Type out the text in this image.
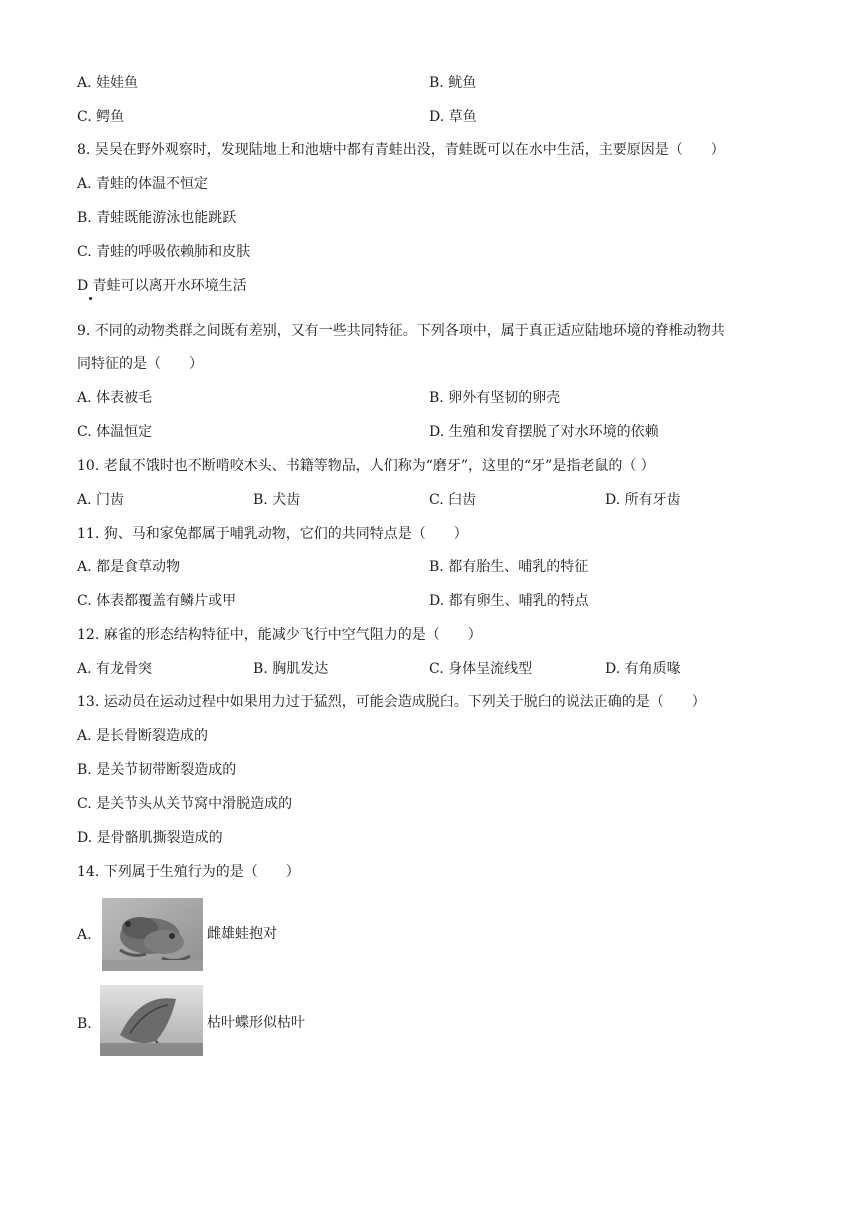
A. 娃娃鱼	B. 鱿鱼
C. 鳄鱼	D. 草鱼
8. 吴吴在野外观察时，发现陆地上和池塘中都有青蛙出没，青蛙既可以在水中生活，主要原因是（　　）
A. 青蛙的体温不恒定
B. 青蛙既能游泳也能跳跃
C. 青蛙的呼吸依赖肺和皮肤
D 青蛙可以离开水环境生活
9. 不同的动物类群之间既有差别，又有一些共同特征。下列各项中，属于真正适应陆地环境的脊椎动物共
同特征的是（　　）
A. 体表被毛	B. 卵外有坚韧的卵壳
C. 体温恒定	D. 生殖和发育摆脱了对水环境的依赖
10. 老鼠不饿时也不断啃咬木头、书籍等物品，人们称为“磨牙”，这里的“牙”是指老鼠的（ ）
A. 门齿	B. 犬齿	C. 臼齿	D. 所有牙齿
11. 狗、马和家兔都属于哺乳动物，它们的共同特点是（　　）
A. 都是食草动物	B. 都有胎生、哺乳的特征
C. 体表都覆盖有鳞片或甲	D. 都有卵生、哺乳的特点
12. 麻雀的形态结构特征中，能减少飞行中空气阻力的是（　　）
A. 有龙骨突	B. 胸肌发达	C. 身体呈流线型	D. 有角质喙
13. 运动员在运动过程中如果用力过于猛烈，可能会造成脱臼。下列关于脱臼的说法正确的是（　　）
A. 是长骨断裂造成的
B. 是关节韧带断裂造成的
C. 是关节头从关节窝中滑脱造成的
D. 是骨骼肌撕裂造成的
14. 下列属于生殖行为的是（　　）
A.	雌雄蛙抱对
B.	枯叶蝶形似枯叶
